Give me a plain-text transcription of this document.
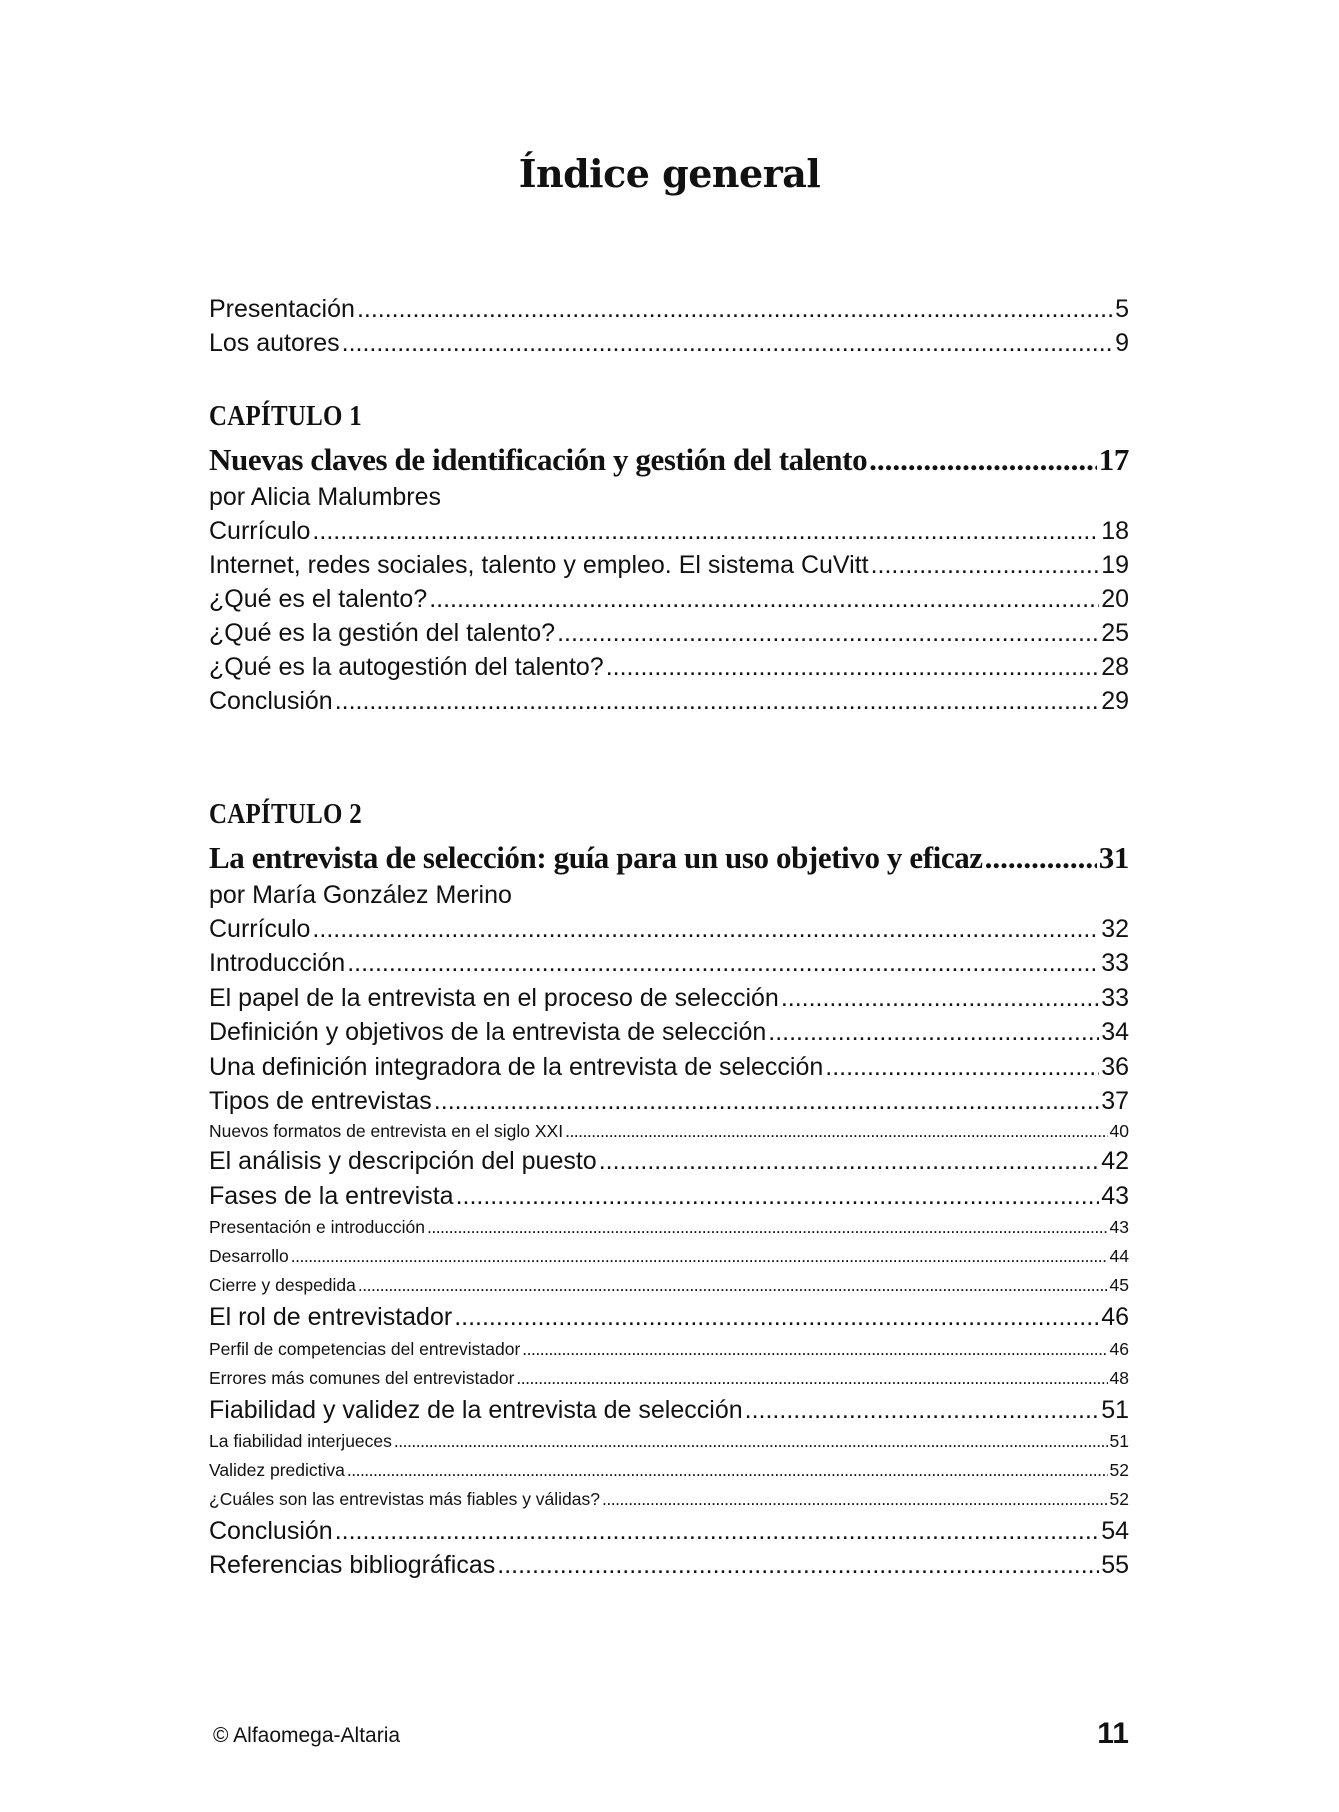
Índice general
Presentación .....	5
Los autores .....	9
CAPÍTULO 1
Nuevas claves de identificación y gestión del talento .....	17
por Alicia Malumbres
Currículo .....	18
Internet, redes sociales, talento y empleo. El sistema CuVitt .....	19
¿Qué es el talento? .....	20
¿Qué es la gestión del talento? .....	25
¿Qué es la autogestión del talento? .....	28
Conclusión .....	29
CAPÍTULO 2
La entrevista de selección: guía para un uso objetivo y eficaz .....	31
por María González Merino
Currículo .....	32
Introducción .....	33
El papel de la entrevista en el proceso de selección .....	33
Definición y objetivos de la entrevista de selección .....	34
Una definición integradora de la entrevista de selección .....	36
Tipos de entrevistas .....	37
Nuevos formatos de entrevista en el siglo XXI .....	40
El análisis y descripción del puesto .....	42
Fases de la entrevista .....	43
Presentación e introducción .....	43
Desarrollo .....	44
Cierre y despedida .....	45
El rol de entrevistador .....	46
Perfil de competencias del entrevistador .....	46
Errores más comunes del entrevistador .....	48
Fiabilidad y validez de la entrevista de selección .....	51
La fiabilidad interjueces .....	51
Validez predictiva .....	52
¿Cuáles son las entrevistas más fiables y válidas? .....	52
Conclusión .....	54
Referencias bibliográficas .....	55
© Alfaomega-Altaria	11
